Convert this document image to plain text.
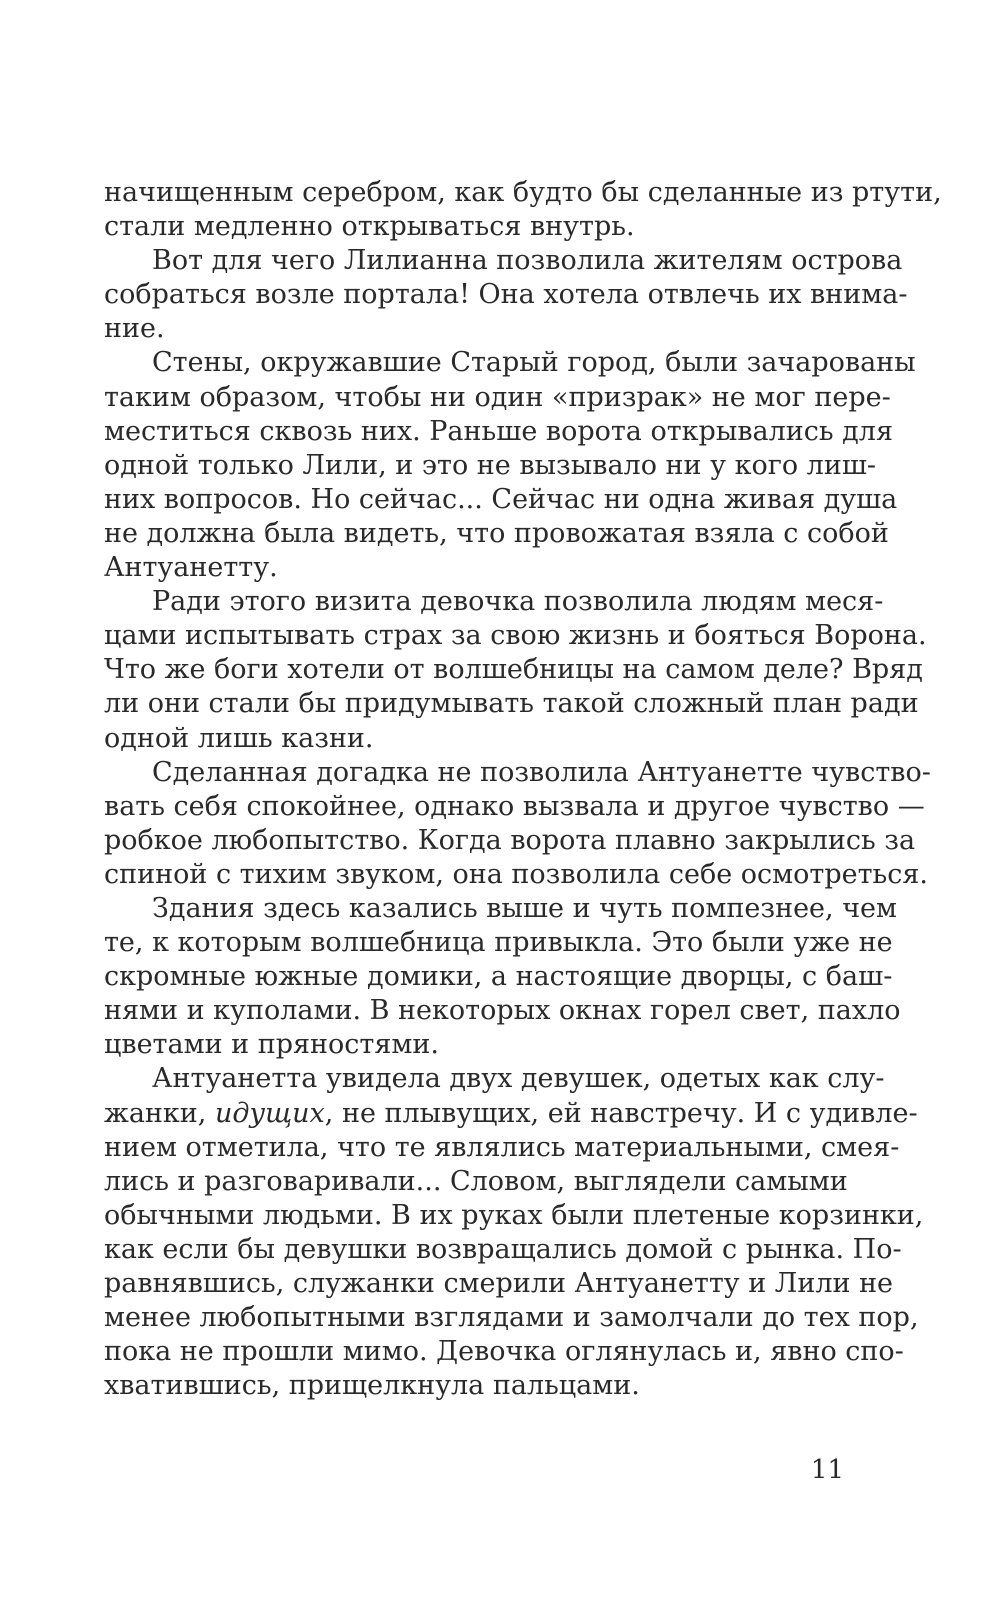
начищенным серебром, как будто бы сделанные из ртути,
стали медленно открываться внутрь.

Вот для чего Лилианна позволила жителям острова
собраться возле портала! Она хотела отвлечь их внима-
ние.

Стены, окружавшие Старый город, были зачарованы
таким образом, чтобы ни один «призрак» не мог пере-
меститься сквозь них. Раньше ворота открывались для
одной только Лили, и это не вызывало ни у кого лиш-
них вопросов. Но сейчас... Сейчас ни одна живая душа
не должна была видеть, что провожатая взяла с собой
Антуанетту.

Ради этого визита девочка позволила людям меся-
цами испытывать страх за свою жизнь и бояться Ворона.
Что же боги хотели от волшебницы на самом деле? Вряд
ли они стали бы придумывать такой сложный план ради
одной лишь казни.

Сделанная догадка не позволила Антуанетте чувство-
вать себя спокойнее, однако вызвала и другое чувство —
робкое любопытство. Когда ворота плавно закрылись за
спиной с тихим звуком, она позволила себе осмотреться.

Здания здесь казались выше и чуть помпезнее, чем
те, к которым волшебница привыкла. Это были уже не
скромные южные домики, а настоящие дворцы, с баш-
нями и куполами. В некоторых окнах горел свет, пахло
цветами и пряностями.

Антуанетта увидела двух девушек, одетых как слу-
жанки, идущих, не плывущих, ей навстречу. И с удивле-
нием отметила, что те являлись материальными, смея-
лись и разговаривали... Словом, выглядели самыми
обычными людьми. В их руках были плетеные корзинки,
как если бы девушки возвращались домой с рынка. По-
равнявшись, служанки смерили Антуанетту и Лили не
менее любопытными взглядами и замолчали до тех пор,
пока не прошли мимо. Девочка оглянулась и, явно спо-
хватившись, прищелкнула пальцами.

11
